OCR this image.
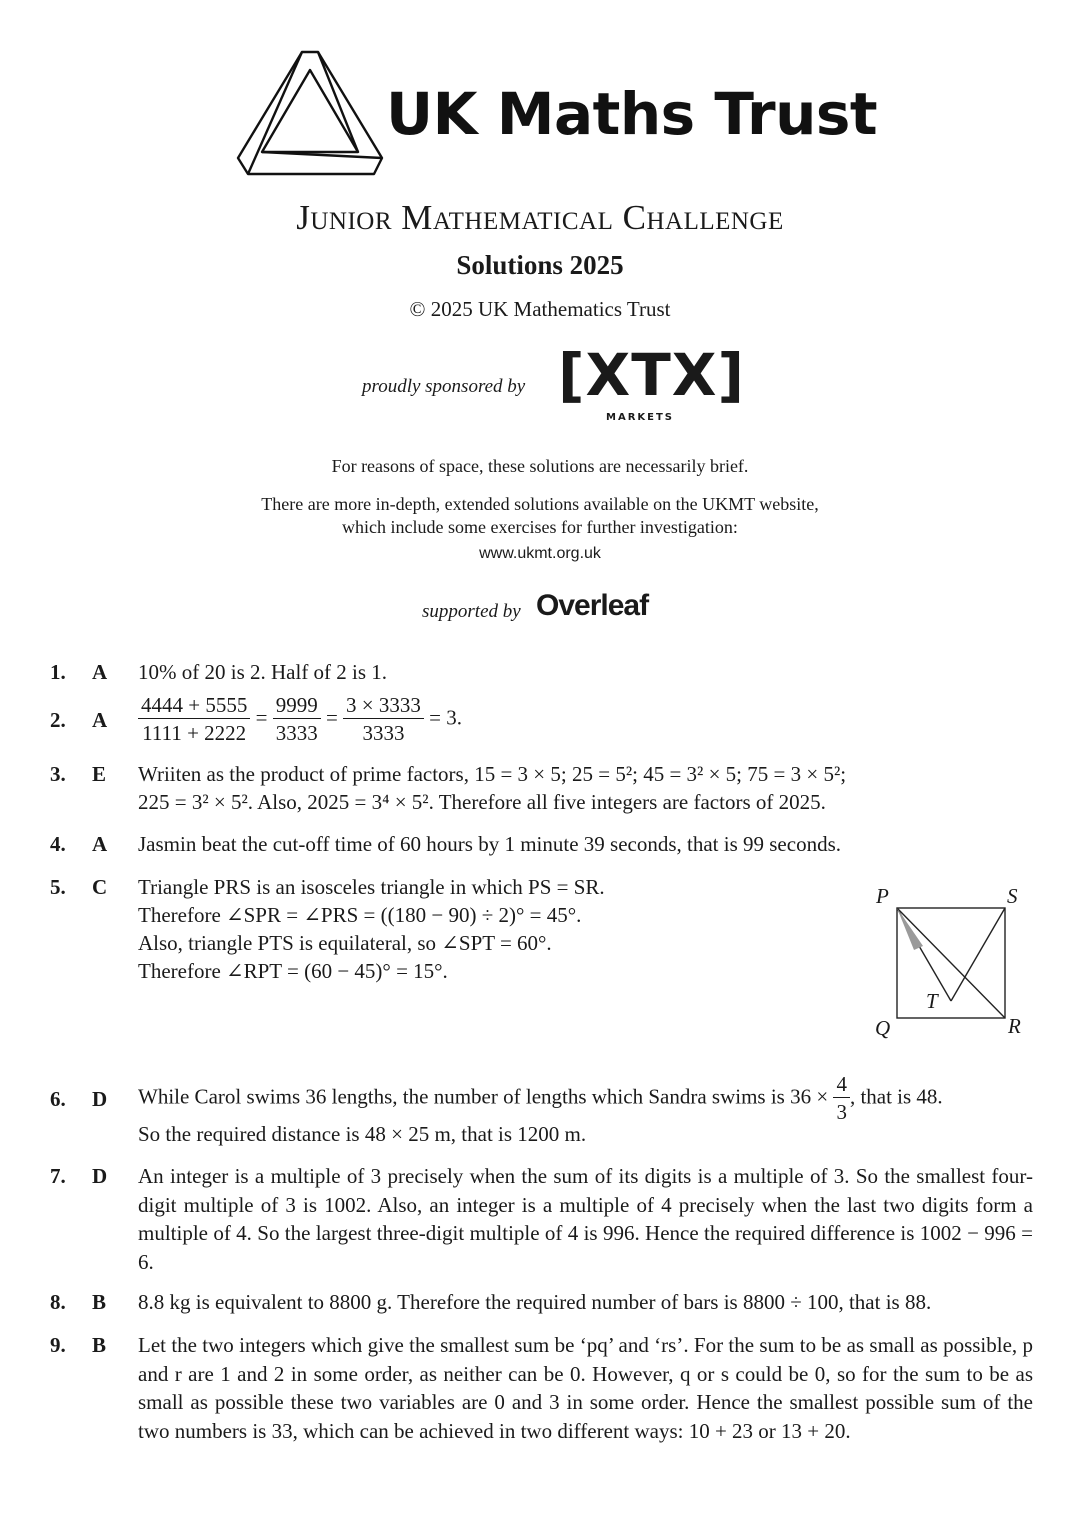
UK Maths Trust
Junior Mathematical Challenge
Solutions 2025
© 2025 UK Mathematics Trust
proudly sponsored by [XTX]
MARKETS
For reasons of space, these solutions are necessarily brief.
There are more in-depth, extended solutions available on the UKMT website,
which include some exercises for further investigation:
www.ukmt.org.uk
supported by Overleaf
1. A 10% of 20 is 2. Half of 2 is 1.
2. A $\frac{4444 + 5555}{1111 + 2222} = \frac{9999}{3333} = \frac{3 \times 3333}{3333} = 3$.
3. E Wriiten as the product of prime factors, 15 = 3 × 5; 25 = 5²; 45 = 3² × 5; 75 = 3 × 5²;
225 = 3² × 5². Also, 2025 = 3⁴ × 5². Therefore all five integers are factors of 2025.
4. A Jasmin beat the cut-off time of 60 hours by 1 minute 39 seconds, that is 99 seconds.
5. C Triangle PRS is an isosceles triangle in which PS = SR.
Therefore ∠SPR = ∠PRS = ((180 − 90) ÷ 2)° = 45°.
Also, triangle PTS is equilateral, so ∠SPT = 60°.
Therefore ∠RPT = (60 − 45)° = 15°.
P	S
Q	R
T
6. D While Carol swims 36 lengths, the number of lengths which Sandra swims is $36 \times \frac{4}{3}$ , that is 48.
So the required distance is 48 × 25 m, that is 1200 m.
7. D An integer is a multiple of 3 precisely when the sum of its digits is a multiple of 3. So the smallest four-digit multiple of 3 is 1002. Also, an integer is a multiple of 4 precisely when the last two digits form a multiple of 4. So the largest three-digit multiple of 4 is 996. Hence the required difference is 1002 − 996 = 6.
8. B 8.8 kg is equivalent to 8800 g. Therefore the required number of bars is 8800 ÷ 100, that is 88.
9. B Let the two integers which give the smallest sum be ‘pq’ and ‘rs’. For the sum to be as small as possible, p and r are 1 and 2 in some order, as neither can be 0. However, q or s could be 0, so for the sum to be as small as possible these two variables are 0 and 3 in some order. Hence the smallest possible sum of the two numbers is 33, which can be achieved in two different ways: 10 + 23 or 13 + 20.
